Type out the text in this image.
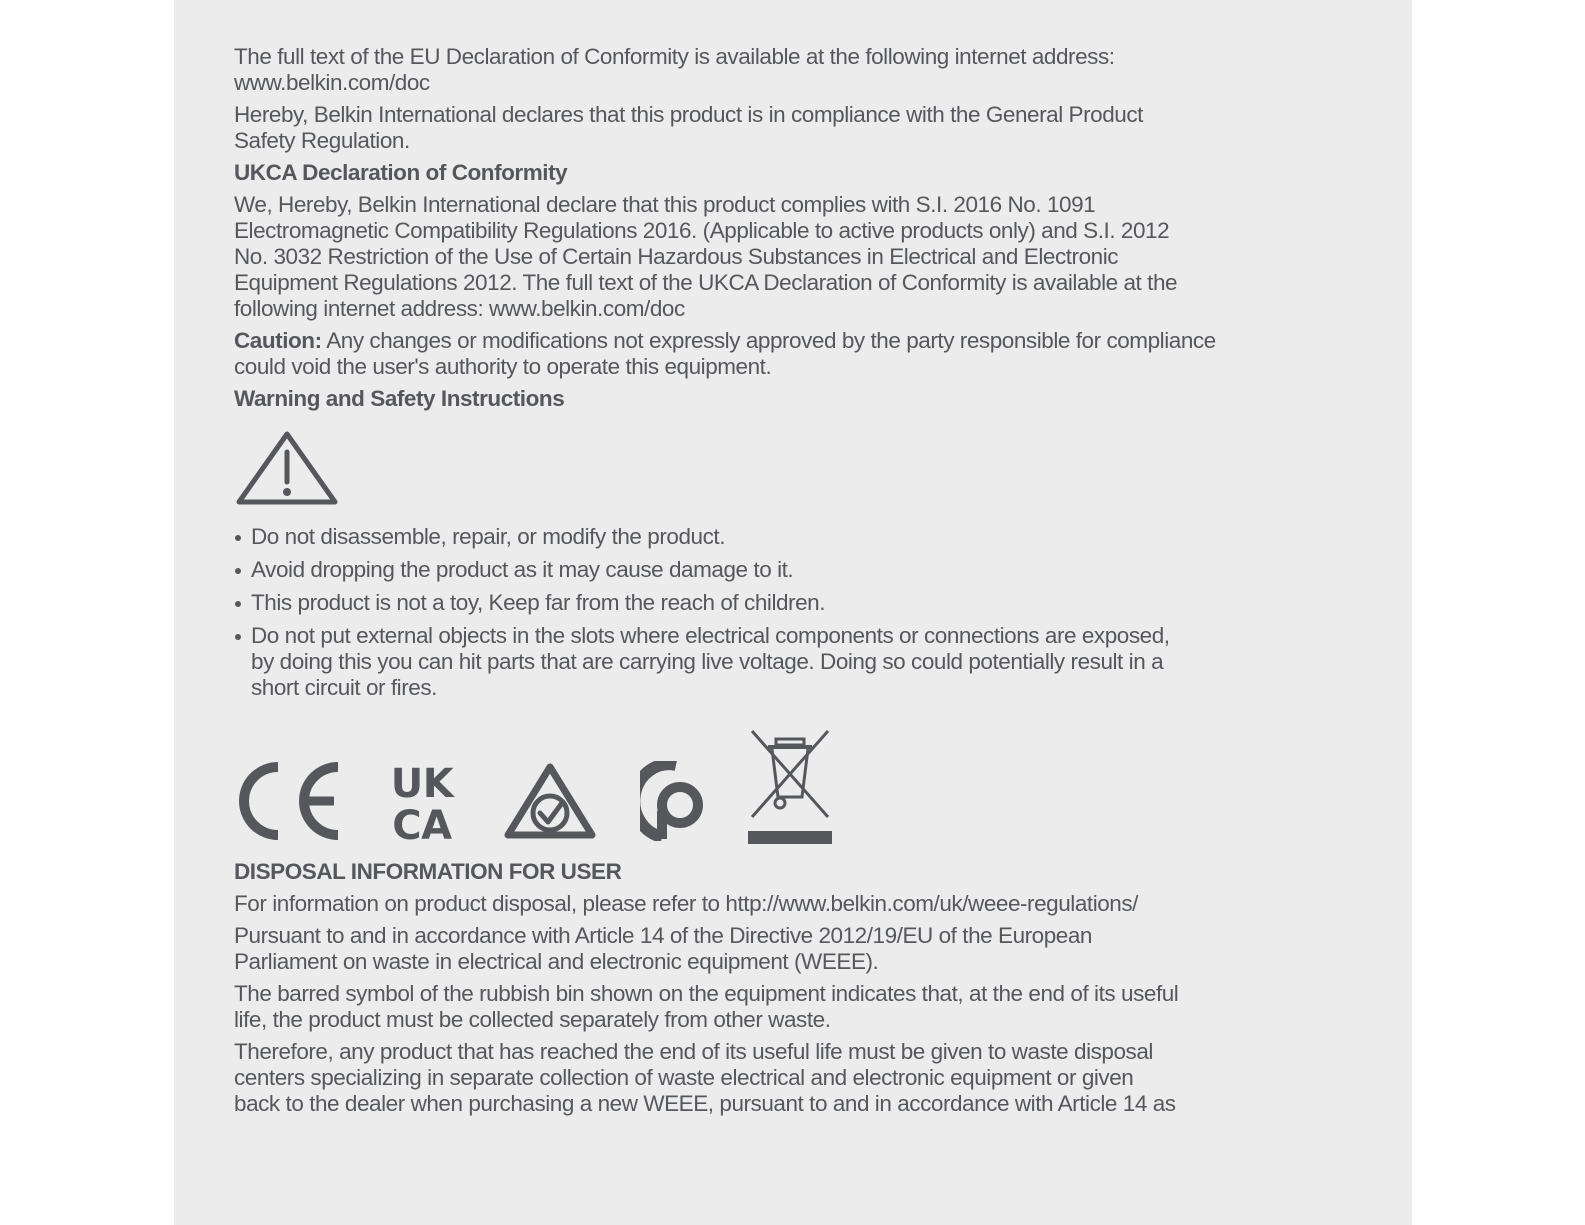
The full text of the EU Declaration of Conformity is available at the following internet address:
www.belkin.com/doc

Hereby, Belkin International declares that this product is in compliance with the General Product
Safety Regulation.

UKCA Declaration of Conformity

We, Hereby, Belkin International declare that this product complies with S.I. 2016 No. 1091
Electromagnetic Compatibility Regulations 2016. (Applicable to active products only) and S.I. 2012
No. 3032 Restriction of the Use of Certain Hazardous Substances in Electrical and Electronic
Equipment Regulations 2012. The full text of the UKCA Declaration of Conformity is available at the
following internet address: www.belkin.com/doc

Caution: Any changes or modifications not expressly approved by the party responsible for compliance
could void the user's authority to operate this equipment.

Warning and Safety Instructions
Do not disassemble, repair, or modify the product.
Avoid dropping the product as it may cause damage to it.
This product is not a toy, Keep far from the reach of children.
Do not put external objects in the slots where electrical components or connections are exposed,
by doing this you can hit parts that are carrying live voltage. Doing so could potentially result in a
short circuit or fires.
UK
CA
DISPOSAL INFORMATION FOR USER

For information on product disposal, please refer to http://www.belkin.com/uk/weee-regulations/

Pursuant to and in accordance with Article 14 of the Directive 2012/19/EU of the European
Parliament on waste in electrical and electronic equipment (WEEE).

The barred symbol of the rubbish bin shown on the equipment indicates that, at the end of its useful
life, the product must be collected separately from other waste.

Therefore, any product that has reached the end of its useful life must be given to waste disposal
centers specializing in separate collection of waste electrical and electronic equipment or given
back to the dealer when purchasing a new WEEE, pursuant to and in accordance with Article 14 as
